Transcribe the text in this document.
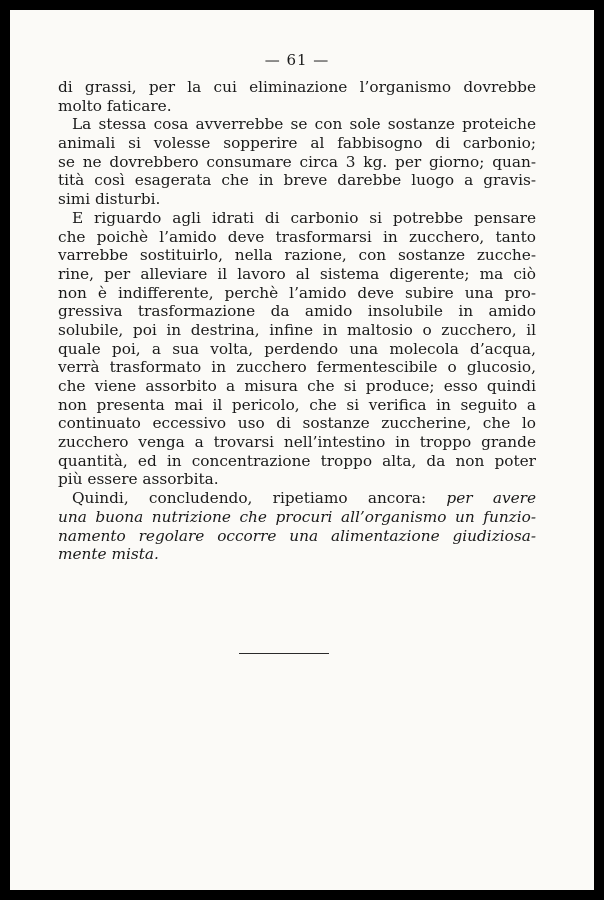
— 61 —
di grassi, per la cui eliminazione l’organismo dovrebbe
molto faticare.
La stessa cosa avverrebbe se con sole sostanze proteiche
animali si volesse sopperire al fabbisogno di carbonio;
se ne dovrebbero consumare circa 3 kg. per giorno; quan-
tità così esagerata che in breve darebbe luogo a gravis-
simi disturbi.
E riguardo agli idrati di carbonio si potrebbe pensare
che poichè l’amido deve trasformarsi in zucchero, tanto
varrebbe sostituirlo, nella razione, con sostanze zucche-
rine, per alleviare il lavoro al sistema digerente; ma ciò
non è indifferente, perchè l’amido deve subire una pro-
gressiva trasformazione da amido insolubile in amido
solubile, poi in destrina, infine in maltosio o zucchero, il
quale poi, a sua volta, perdendo una molecola d’acqua,
verrà trasformato in zucchero fermentescibile o glucosio,
che viene assorbito a misura che si produce; esso quindi
non presenta mai il pericolo, che si verifica in seguito a
continuato eccessivo uso di sostanze zuccherine, che lo
zucchero venga a trovarsi nell’intestino in troppo grande
quantità, ed in concentrazione troppo alta, da non poter
più essere assorbita.
Quindi, concludendo, ripetiamo ancora: per avere
una buona nutrizione che procuri all’organismo un funzio-
namento regolare occorre una alimentazione giudiziosa-
mente mista.
